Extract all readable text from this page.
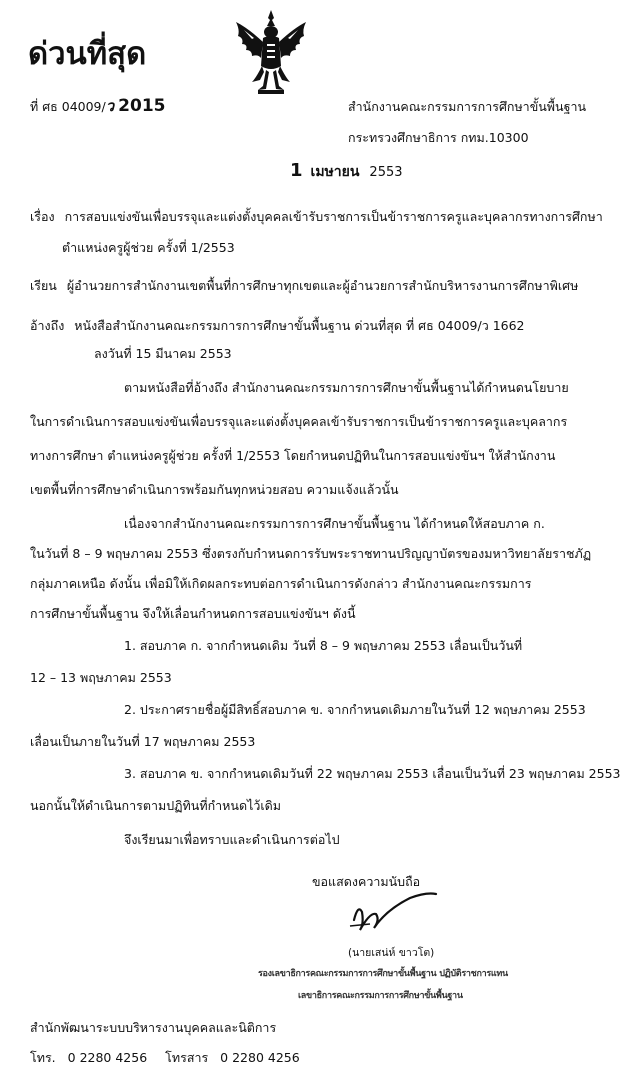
ด่วนที่สุด
ที่ ศธ 04009/ว 2015	สำนักงานคณะกรรมการการศึกษาขั้นพื้นฐาน
กระทรวงศึกษาธิการ กทม.10300
1 เมษายน 2553
เรื่อง การสอบแข่งขันเพื่อบรรจุและแต่งตั้งบุคคลเข้ารับราชการเป็นข้าราชการครูและบุคลากรทางการศึกษา
ตำแหน่งครูผู้ช่วย ครั้งที่ 1/2553
เรียน ผู้อำนวยการสำนักงานเขตพื้นที่การศึกษาทุกเขตและผู้อำนวยการสำนักบริหารงานการศึกษาพิเศษ
อ้างถึง หนังสือสำนักงานคณะกรรมการการศึกษาขั้นพื้นฐาน ด่วนที่สุด ที่ ศธ 04009/ว 1662
ลงวันที่ 15 มีนาคม 2553
ตามหนังสือที่อ้างถึง สำนักงานคณะกรรมการการศึกษาขั้นพื้นฐานได้กำหนดนโยบาย
ในการดำเนินการสอบแข่งขันเพื่อบรรจุและแต่งตั้งบุคคลเข้ารับราชการเป็นข้าราชการครูและบุคลากร
ทางการศึกษา ตำแหน่งครูผู้ช่วย ครั้งที่ 1/2553 โดยกำหนดปฏิทินในการสอบแข่งขันฯ ให้สำนักงาน
เขตพื้นที่การศึกษาดำเนินการพร้อมกันทุกหน่วยสอบ ความแจ้งแล้วนั้น
เนื่องจากสำนักงานคณะกรรมการการศึกษาขั้นพื้นฐาน ได้กำหนดให้สอบภาค ก.
ในวันที่ 8 – 9 พฤษภาคม 2553 ซึ่งตรงกับกำหนดการรับพระราชทานปริญญาบัตรของมหาวิทยาลัยราชภัฏ
กลุ่มภาคเหนือ ดังนั้น เพื่อมิให้เกิดผลกระทบต่อการดำเนินการดังกล่าว สำนักงานคณะกรรมการ
การศึกษาขั้นพื้นฐาน จึงให้เลื่อนกำหนดการสอบแข่งขันฯ ดังนี้
1. สอบภาค ก. จากกำหนดเดิม วันที่ 8 – 9 พฤษภาคม 2553 เลื่อนเป็นวันที่
12 – 13 พฤษภาคม 2553
2. ประกาศรายชื่อผู้มีสิทธิ์สอบภาค ข. จากกำหนดเดิมภายในวันที่ 12 พฤษภาคม 2553
เลื่อนเป็นภายในวันที่ 17 พฤษภาคม 2553
3. สอบภาค ข. จากกำหนดเดิมวันที่ 22 พฤษภาคม 2553 เลื่อนเป็นวันที่ 23 พฤษภาคม 2553
นอกนั้นให้ดำเนินการตามปฏิทินที่กำหนดไว้เดิม
จึงเรียนมาเพื่อทราบและดำเนินการต่อไป
ขอแสดงความนับถือ
(นายเสน่ห์ ขาวโต)
รองเลขาธิการคณะกรรมการการศึกษาขั้นพื้นฐาน ปฏิบัติราชการแทน
เลขาธิการคณะกรรมการการศึกษาขั้นพื้นฐาน
สำนักพัฒนาระบบบริหารงานบุคคลและนิติการ
โทร. 0 2280 4256 โทรสาร 0 2280 4256
